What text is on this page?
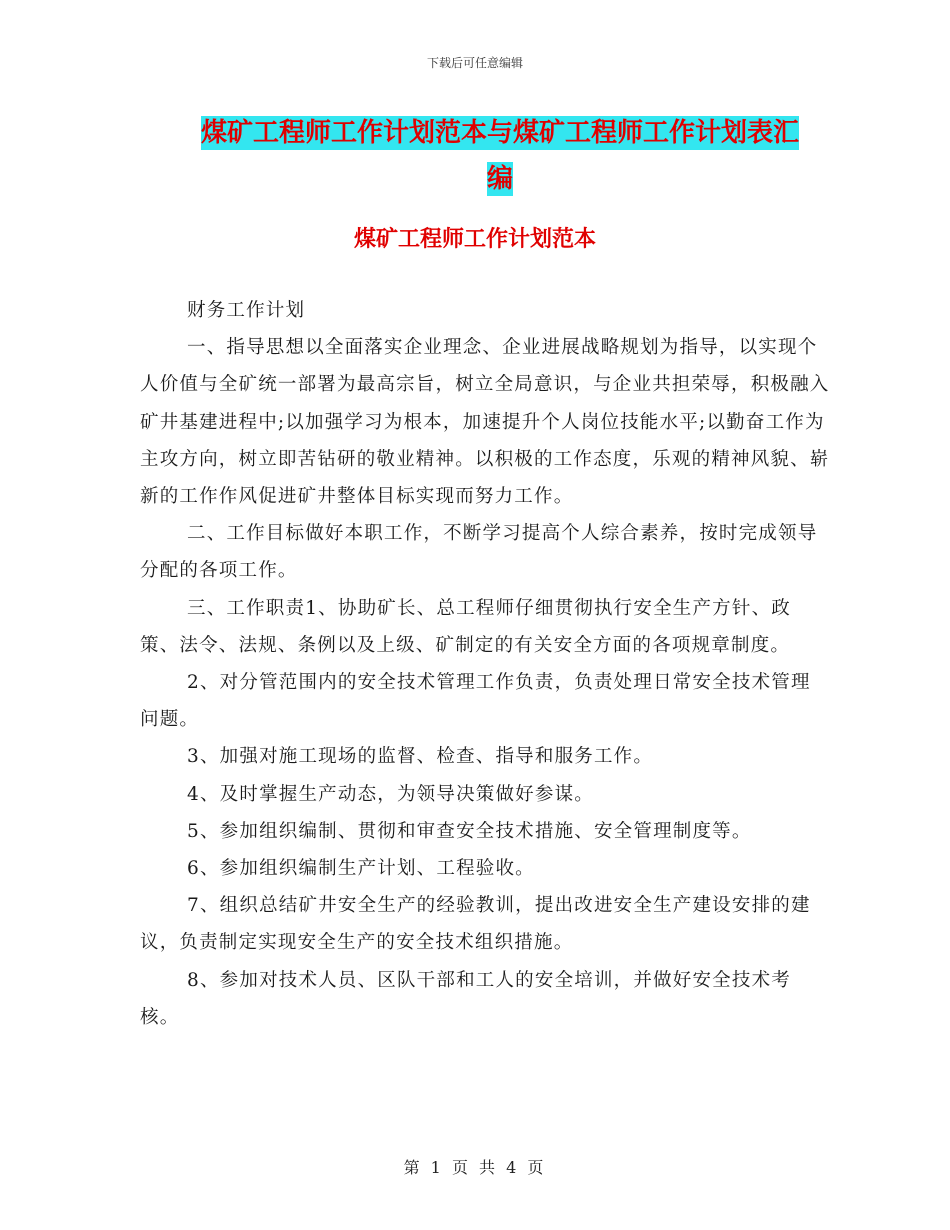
下载后可任意编辑
煤矿工程师工作计划范本与煤矿工程师工作计划表汇
编
煤矿工程师工作计划范本

财务工作计划

一、指导思想以全面落实企业理念、企业进展战略规划为指导，以实现个人价值与全矿统一部署为最高宗旨，树立全局意识，与企业共担荣辱，积极融入矿井基建进程中;以加强学习为根本，加速提升个人岗位技能水平;以勤奋工作为主攻方向，树立即苦钻研的敬业精神。以积极的工作态度，乐观的精神风貌、崭新的工作作风促进矿井整体目标实现而努力工作。

二、工作目标做好本职工作，不断学习提高个人综合素养，按时完成领导分配的各项工作。

三、工作职责1、协助矿长、总工程师仔细贯彻执行安全生产方针、政策、法令、法规、条例以及上级、矿制定的有关安全方面的各项规章制度。

2、对分管范围内的安全技术管理工作负责，负责处理日常安全技术管理问题。

3、加强对施工现场的监督、检查、指导和服务工作。

4、及时掌握生产动态，为领导决策做好参谋。

5、参加组织编制、贯彻和审查安全技术措施、安全管理制度等。

6、参加组织编制生产计划、工程验收。

7、组织总结矿井安全生产的经验教训，提出改进安全生产建设安排的建议，负责制定实现安全生产的安全技术组织措施。

8、参加对技术人员、区队干部和工人的安全培训，并做好安全技术考核。

第 1 页 共 4 页
